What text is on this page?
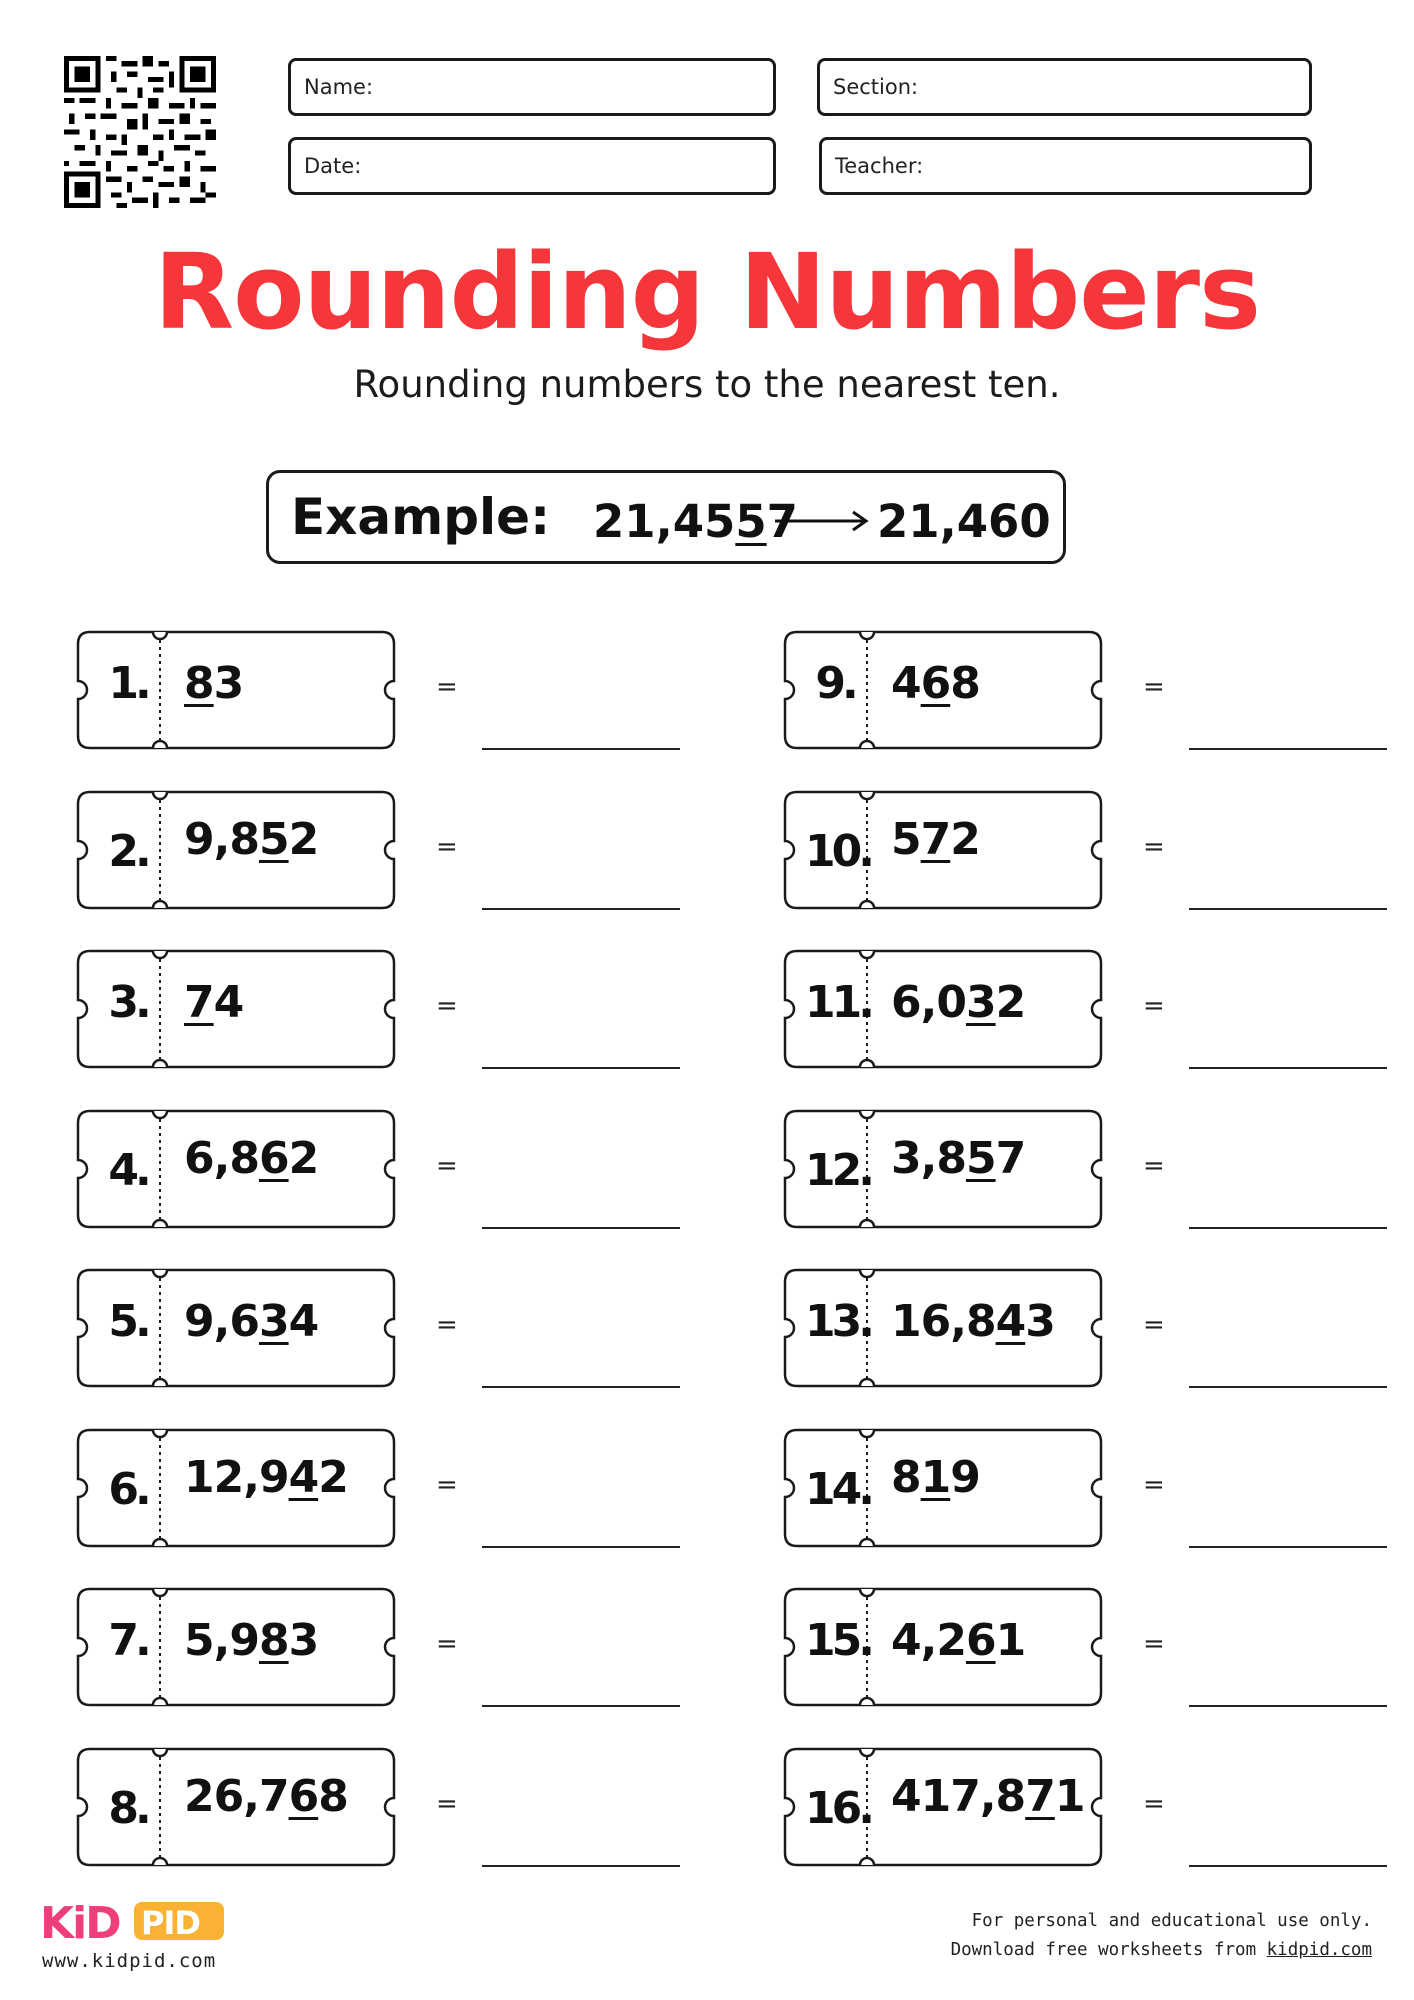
Name:	Section:
Date:	Teacher:
Rounding Numbers
Rounding numbers to the nearest ten.
Example: 21,4557 21,460
1. 83	=
2. 9,852	=
3. 74	=
4. 6,862	=
5. 9,634	=
6. 12,942	=
7. 5,983	=
8. 26,768	=
9. 468	=
10. 572	=
11. 6,032	=
12. 3,857	=
13. 16,843	=
14. 819	=
15. 4,261	=
16. 417,871 =
KiD PID
www.kidpid.com
For personal and educational use only.
Download free worksheets from kidpid.com
